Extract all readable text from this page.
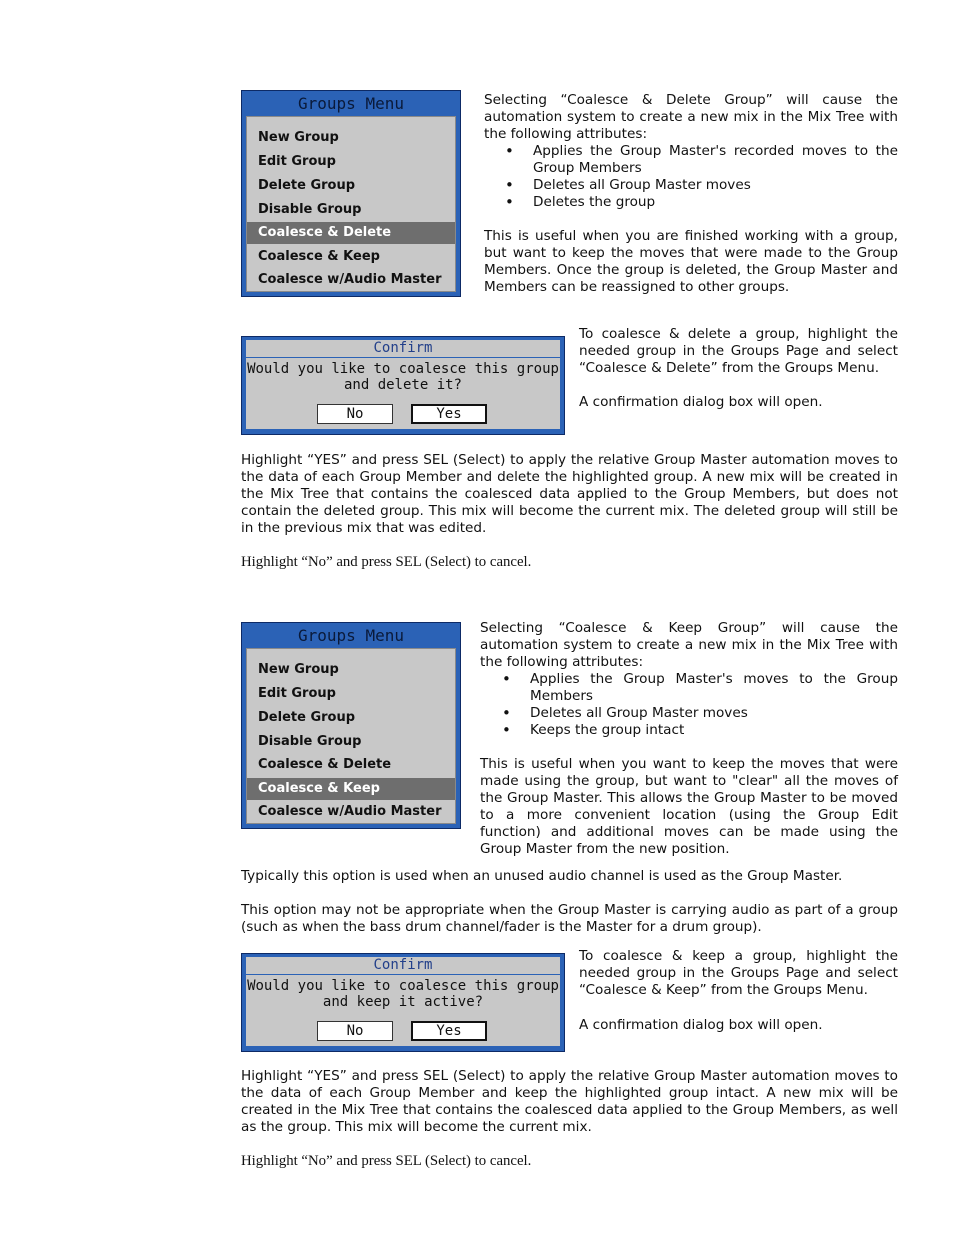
Groups Menu
New Group
Edit Group
Delete Group
Disable Group
Coalesce & Delete
Coalesce & Keep
Coalesce w/Audio Master

Selecting “Coalesce & Delete Group” will cause the automation system to create a new mix in the Mix Tree with the following attributes:

• Applies the Group Master's recorded moves to the Group Members
• Deletes all Group Master moves
• Deletes the group

This is useful when you are finished working with a group, but want to keep the moves that were made to the Group Members. Once the group is deleted, the Group Master and Members can be reassigned to other groups.

Confirm
Would you like to coalesce this group
and delete it?
No	Yes

To coalesce & delete a group, highlight the needed group in the Groups Page and select “Coalesce & Delete” from the Groups Menu.

A confirmation dialog box will open.

Highlight “YES” and press SEL (Select) to apply the relative Group Master automation moves to the data of each Group Member and delete the highlighted group. A new mix will be created in the Mix Tree that contains the coalesced data applied to the Group Members, but does not contain the deleted group. This mix will become the current mix. The deleted group will still be in the previous mix that was edited.

Highlight “No” and press SEL (Select) to cancel.

Groups Menu
New Group
Edit Group
Delete Group
Disable Group
Coalesce & Delete
Coalesce & Keep
Coalesce w/Audio Master

Selecting “Coalesce & Keep Group” will cause the automation system to create a new mix in the Mix Tree with the following attributes:

• Applies the Group Master's moves to the Group Members
• Deletes all Group Master moves
• Keeps the group intact

This is useful when you want to keep the moves that were made using the group, but want to "clear" all the moves of the Group Master. This allows the Group Master to be moved to a more convenient location (using the Group Edit function) and additional moves can be made using the Group Master from the new position.

Typically this option is used when an unused audio channel is used as the Group Master.

This option may not be appropriate when the Group Master is carrying audio as part of a group (such as when the bass drum channel/fader is the Master for a drum group).

Confirm
Would you like to coalesce this group
and keep it active?
No	Yes

To coalesce & keep a group, highlight the needed group in the Groups Page and select “Coalesce & Keep” from the Groups Menu.

A confirmation dialog box will open.

Highlight “YES” and press SEL (Select) to apply the relative Group Master automation moves to the data of each Group Member and keep the highlighted group intact. A new mix will be created in the Mix Tree that contains the coalesced data applied to the Group Members, as well as the group. This mix will become the current mix.

Highlight “No” and press SEL (Select) to cancel.
